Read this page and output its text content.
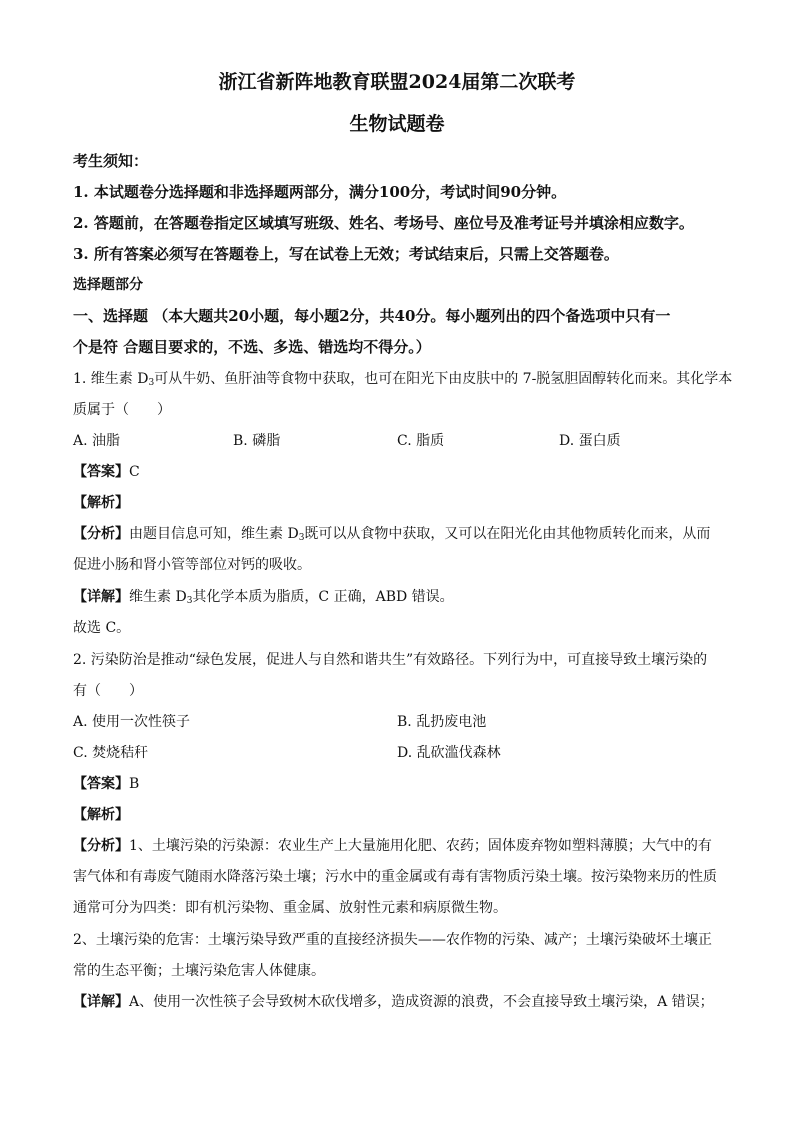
浙江省新阵地教育联盟2024届第二次联考
生物试题卷
考生须知：
1. 本试题卷分选择题和非选择题两部分，满分100分，考试时间90分钟。
2. 答题前，在答题卷指定区域填写班级、姓名、考场号、座位号及准考证号并填涂相应数字。
3. 所有答案必须写在答题卷上，写在试卷上无效；考试结束后，只需上交答题卷。
选择题部分
一、选择题 （本大题共20小题，每小题2分，共40分。每小题列出的四个备选项中只有一
个是符 合题目要求的，不选、多选、错选均不得分。）
1. 维生素 $D_3$可从牛奶、鱼肝油等食物中获取，也可在阳光下由皮肤中的 7-脱氢胆固醇转化而来。其化学本
质属于（　　）
A. 油脂	B. 磷脂	C. 脂质	D. 蛋白质
【答案】C
【解析】
【分析】由题目信息可知，维生素 $D_3$既可以从食物中获取，又可以在阳光化由其他物质转化而来，从而
促进小肠和肾小管等部位对钙的吸收。
【详解】维生素 $D_3$其化学本质为脂质，C 正确，ABD 错误。
故选 C。
2. 污染防治是推动“绿色发展，促进人与自然和谐共生”有效路径。下列行为中，可直接导致土壤污染的
有（　　）
A. 使用一次性筷子	B. 乱扔废电池
C. 焚烧秸秆	D. 乱砍滥伐森林
【答案】B
【解析】
【分析】1、土壤污染的污染源：农业生产上大量施用化肥、农药；固体废弃物如塑料薄膜；大气中的有
害气体和有毒废气随雨水降落污染土壤；污水中的重金属或有毒有害物质污染土壤。按污染物来历的性质
通常可分为四类：即有机污染物、重金属、放射性元素和病原微生物。
2、土壤污染的危害：土壤污染导致严重的直接经济损失——农作物的污染、减产；土壤污染破坏土壤正
常的生态平衡；土壤污染危害人体健康。
【详解】A、使用一次性筷子会导致树木砍伐增多，造成资源的浪费，不会直接导致土壤污染，A 错误；
